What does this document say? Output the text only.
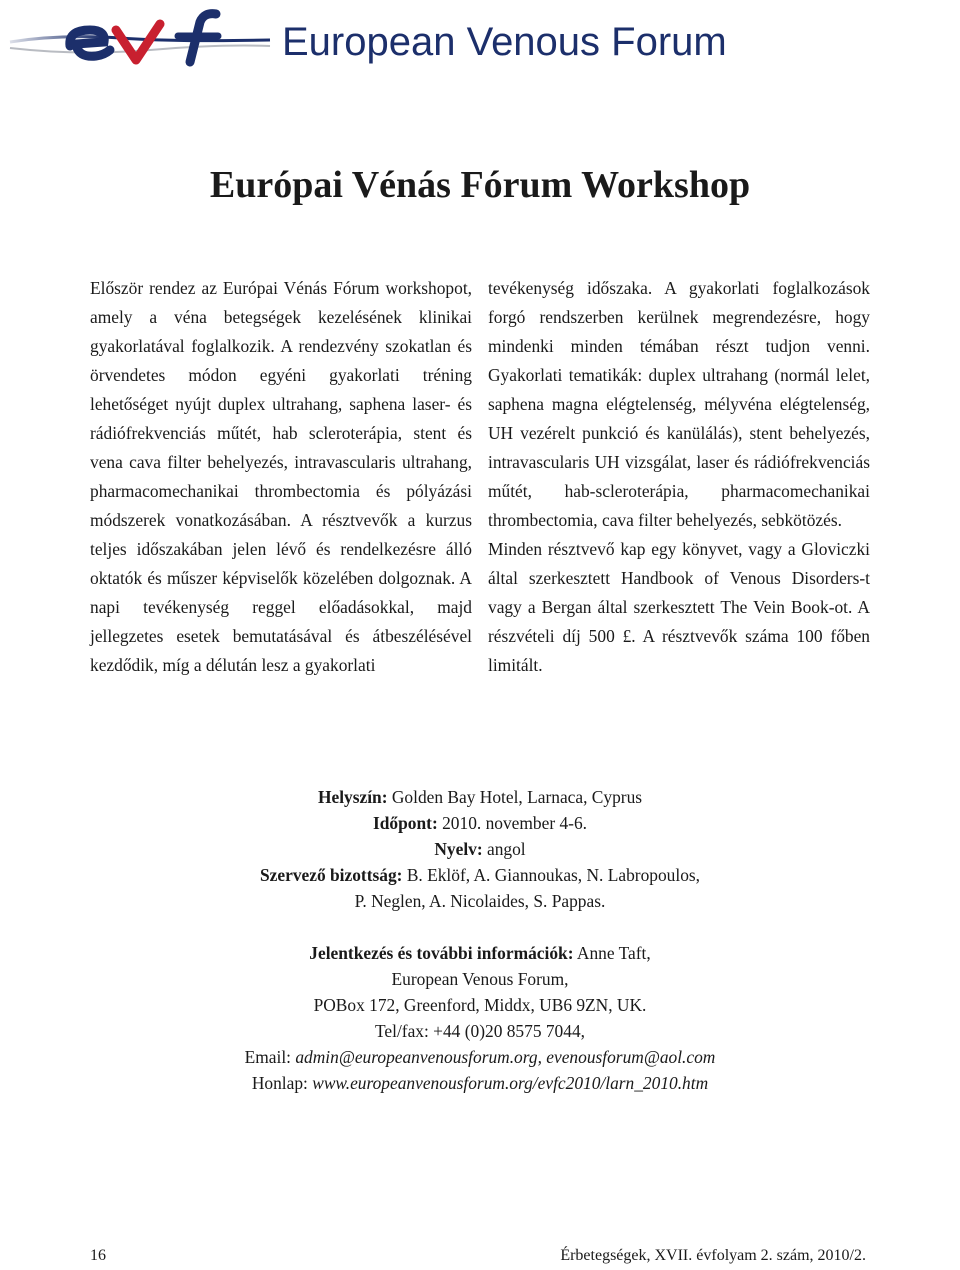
European Venous Forum
Európai Vénás Fórum Workshop

Először rendez az Európai Vénás Fórum workshopot, amely a véna betegségek kezelésének klinikai gyakorlatával foglalkozik. A rendezvény szokatlan és örvendetes módon egyéni gyakorlati tréning lehetőséget nyújt duplex ultrahang, saphena laser- és rádiófrekvenciás műtét, hab scleroterápia, stent és vena cava filter behelyezés, intravascularis ultrahang, pharmacomechanikai thrombectomia és pólyázási módszerek vonatkozásában. A résztvevők a kurzus teljes időszakában jelen lévő és rendelkezésre álló oktatók és műszer képviselők közelében dolgoznak. A napi tevékenység reggel előadásokkal, majd jellegzetes esetek bemutatásával és átbeszélésével kezdődik, míg a délután lesz a gyakorlati

tevékenység időszaka. A gyakorlati foglalkozások forgó rendszerben kerülnek megrendezésre, hogy mindenki minden témában részt tudjon venni. Gyakorlati tematikák: duplex ultrahang (normál lelet, saphena magna elégtelenség, mélyvéna elégtelenség, UH vezérelt punkció és kanülálás), stent behelyezés, intravascularis UH vizsgálat, laser és rádiófrekvenciás műtét, hab-scleroterápia, pharmacomechanikai thrombectomia, cava filter behelyezés, sebkötözés.

Minden résztvevő kap egy könyvet, vagy a Gloviczki által szerkesztett Handbook of Venous Disorders-t vagy a Bergan által szerkesztett The Vein Book-ot. A részvételi díj 500 £. A résztvevők száma 100 főben limitált.

Helyszín: Golden Bay Hotel, Larnaca, Cyprus
Időpont: 2010. november 4-6.
Nyelv: angol
Szervező bizottság: B. Eklöf, A. Giannoukas, N. Labropoulos,
P. Neglen, A. Nicolaides, S. Pappas.
Jelentkezés és további információk: Anne Taft,
European Venous Forum,
POBox 172, Greenford, Middx, UB6 9ZN, UK.
Tel/fax: +44 (0)20 8575 7044,
Email: admin@europeanvenousforum.org, evenousforum@aol.com
Honlap: www.europeanvenousforum.org/evfc2010/larn_2010.htm
16	Érbetegségek, XVII. évfolyam 2. szám, 2010/2.
